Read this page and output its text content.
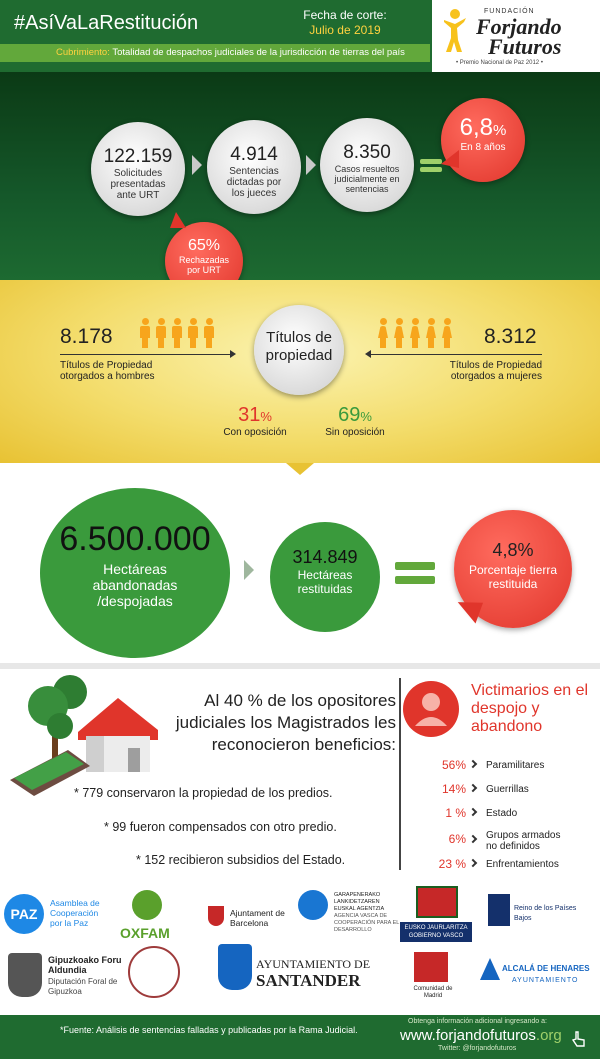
#AsíVaLaRestitución	Fecha de corte:
Julio de 2019
Cubrimiento: Totalidad de despachos judiciales de la jurisdicción de tierras del país
FUNDACIÓN
Forjando
Futuros
• Premio Nacional de Paz 2012 •
122.159
Solicitudes presentadas ante URT
4.914
Sentencias dictadas por los jueces
8.350
Casos resueltos judicialmente en sentencias
6,8%
En 8 años
65%
Rechazadas por URT
8.178
Títulos de Propiedad otorgados a hombres
Títulos de propiedad
8.312
Títulos de Propiedad otorgados a mujeres
31%
Con oposición
69%
Sin oposición
6.500.000
Hectáreas abandonadas /despojadas
314.849
Hectáreas restituidas
4,8%
Porcentaje tierra restituida
Al 40 % de los opositores judiciales los Magistrados les reconocieron beneficios:
* 779 conservaron la propiedad de los predios.
* 99 fueron compensados con otro predio.
* 152 recibieron subsidios del Estado.
Victimarios en el despojo y abandono
56% Paramilitares
14% Guerrillas
1 % Estado
6% Grupos armados no definidos
23 % Enfrentamientos
PAZ
Asamblea de Cooperación por la Paz
OXFAM
Ajuntament de Barcelona
GARAPENERAKO LANKIDETZAREN EUSKAL AGENTZIA
AGENCIA VASCA DE COOPERACIÓN PARA EL DESARROLLO	EUSKO JAURLARITZA GOBIERNO VASCO
Reino de los Países Bajos
Gipuzkoako Foru Aldundia
Diputación Foral de Gipuzkoa
AYUNTAMIENTO DE
SANTANDER	Comunidad de Madrid
ALCALÁ DE HENARES
AYUNTAMIENTO
*Fuente: Análisis de sentencias falladas y publicadas por la Rama Judicial.
Obtenga información adicional ingresando a:
www.forjandofuturos.org
Twitter: @forjandofuturos
